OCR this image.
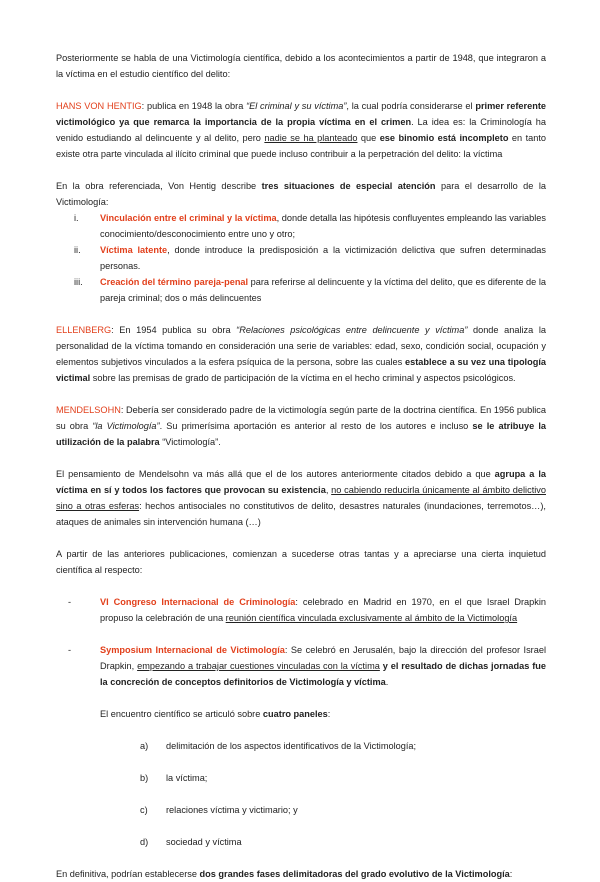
Posteriormente se habla de una Victimología científica, debido a los acontecimientos a partir de 1948, que integraron a la víctima en el estudio científico del delito:

HANS VON HENTIG: publica en 1948 la obra “El criminal y su víctima”, la cual podría considerarse el primer referente victimológico ya que remarca la importancia de la propia víctima en el crimen. La idea es: la Criminología ha venido estudiando al delincuente y al delito, pero nadie se ha planteado que ese binomio está incompleto en tanto existe otra parte vinculada al ilícito criminal que puede incluso contribuir a la perpetración del delito: la víctima

En la obra referenciada, Von Hentig describe tres situaciones de especial atención para el desarrollo de la Victimología:

i.	Vinculación entre el criminal y la víctima, donde detalla las hipótesis confluyentes empleando las variables conocimiento/desconocimiento entre uno y otro;

ii.	Víctima latente, donde introduce la predisposición a la victimización delictiva que sufren determinadas personas.

iii.	Creación del término pareja-penal para referirse al delincuente y la víctima del delito, que es diferente de la pareja criminal; dos o más delincuentes

ELLENBERG: En 1954 publica su obra “Relaciones psicológicas entre delincuente y víctima” donde analiza la personalidad de la víctima tomando en consideración una serie de variables: edad, sexo, condición social, ocupación y elementos subjetivos vinculados a la esfera psíquica de la persona, sobre las cuales establece a su vez una tipología victimal sobre las premisas de grado de participación de la víctima en el hecho criminal y aspectos psicológicos.

MENDELSOHN: Debería ser considerado padre de la victimología según parte de la doctrina científica. En 1956 publica su obra “la Victimología”. Su primerísima aportación es anterior al resto de los autores e incluso se le atribuye la utilización de la palabra “Victimología”.

El pensamiento de Mendelsohn va más allá que el de los autores anteriormente citados debido a que agrupa a la víctima en sí y todos los factores que provocan su existencia, no cabiendo reducirla únicamente al ámbito delictivo sino a otras esferas: hechos antisociales no constitutivos de delito, desastres naturales (inundaciones, terremotos…), ataques de animales sin intervención humana (…)

A partir de las anteriores publicaciones, comienzan a sucederse otras tantas y a apreciarse una cierta inquietud científica al respecto:

-	VI Congreso Internacional de Criminología: celebrado en Madrid en 1970, en el que Israel Drapkin propuso la celebración de una reunión científica vinculada exclusivamente al ámbito de la Victimología

-	Symposium Internacional de Victimología: Se celebró en Jerusalén, bajo la dirección del profesor Israel Drapkin, empezando a trabajar cuestiones vinculadas con la víctima y el resultado de dichas jornadas fue la concreción de conceptos definitorios de Victimología y víctima.

El encuentro científico se articuló sobre cuatro paneles:

a)	delimitación de los aspectos identificativos de la Victimología;
b)	la víctima;
c)	relaciones víctima y victimario; y
d)	sociedad y víctima

En definitiva, podrían establecerse dos grandes fases delimitadoras del grado evolutivo de la Victimología:
